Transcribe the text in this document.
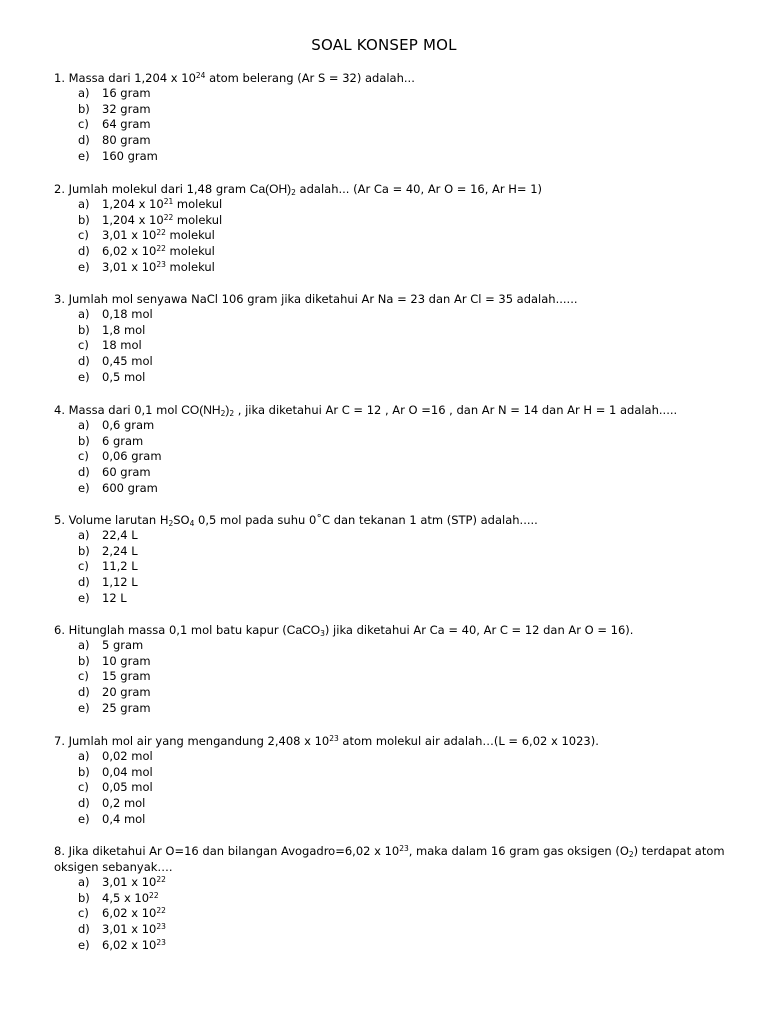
SOAL KONSEP MOL
1. Massa dari 1,204 x $10^{24}$ atom belerang (Ar S = 32) adalah...
a) 16 gram
b) 32 gram
c) 64 gram
d) 80 gram
e) 160 gram
2. Jumlah molekul dari 1,48 gram $Ca(OH)_2$ adalah... (Ar Ca = 40, Ar O = 16, Ar H= 1)
a) 1,204 x $10^{21}$ molekul
b) 1,204 x $10^{22}$ molekul
c) 3,01 x $10^{22}$ molekul
d) 6,02 x $10^{22}$ molekul
e) 3,01 x $10^{23}$ molekul
3. Jumlah mol senyawa NaCl 106 gram jika diketahui Ar Na = 23 dan Ar Cl = 35 adalah......
a) 0,18 mol
b) 1,8 mol
c) 18 mol
d) 0,45 mol
e) 0,5 mol
4. Massa dari 0,1 mol $CO(NH_2)_2$ , jika diketahui Ar C = 12 , Ar O =16 , dan Ar N = 14 dan Ar H = 1 adalah.....
a) 0,6 gram
b) 6 gram
c) 0,06 gram
d) 60 gram
e) 600 gram
5. Volume larutan $H_2SO_4$ 0,5 mol pada suhu 0˚C dan tekanan 1 atm (STP) adalah.....
a) 22,4 L
b) 2,24 L
c) 11,2 L
d) 1,12 L
e) 12 L
6. Hitunglah massa 0,1 mol batu kapur (CaCO$_3$) jika diketahui Ar Ca = 40, Ar C = 12 dan Ar O = 16).
a) 5 gram
b) 10 gram
c) 15 gram
d) 20 gram
e) 25 gram
7. Jumlah mol air yang mengandung 2,408 x $10^{23}$ atom molekul air adalah…(L = 6,02 x 1023).
a) 0,02 mol
b) 0,04 mol
c) 0,05 mol
d) 0,2 mol
e) 0,4 mol
8. Jika diketahui Ar O=16 dan bilangan Avogadro=6,02 x $10^{23}$, maka dalam 16 gram gas oksigen $(O_2)$ terdapat atom oksigen sebanyak….
a) 3,01 x $10^{22}$
b) 4,5 x $10^{22}$
c) 6,02 x $10^{22}$
d) 3,01 x $10^{23}$
e) 6,02 x $10^{23}$
